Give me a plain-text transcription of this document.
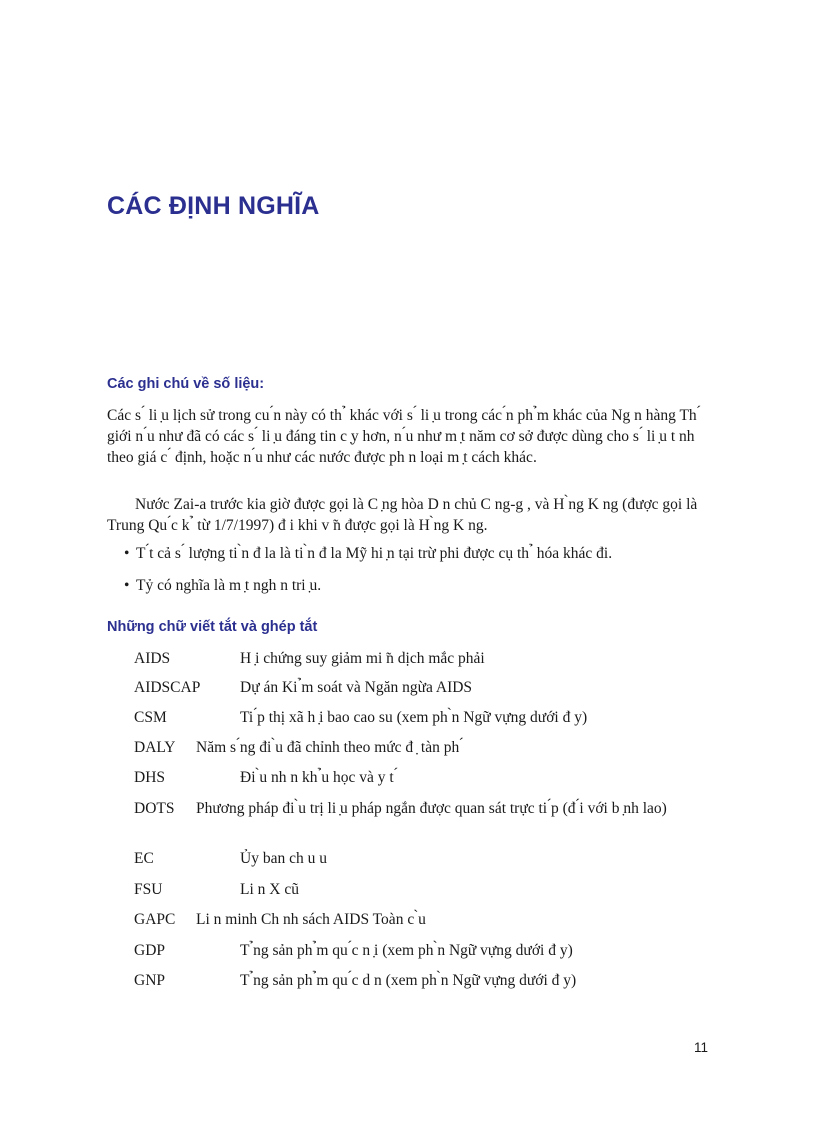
CÁC ĐỊNH NGHĨA
Các ghi chú về số liệu:

Các s ́ li ̣u lịch sử trong cu ́n này có th ̉ khác với s ́ li ̣u trong các ́n ph ̉m khác của Ng n hàng Th ́ giới n ́u như đã có các s ́ li ̣u đáng tin c ̣y hơn, n ́u như m ̣t năm cơ sở được dùng cho s ́ li ̣u t nh theo giá c ́ định, hoặc n ́u như các nước được ph n loại m ̣t cách khác.

Nước Zai-a trước kia giờ được gọi là C ̣ng hòa D n chủ C ng-g , và H ̀ng K ng (được gọi là Trung Qu ́c k ̉ từ 1/7/1997) đ i khi v ̃n được gọi là H ̀ng K ng.

• T ́t cả s ́ lượng ti ̀n đ la là ti ̀n đ la Mỹ hi ̣n tại trừ phi được cụ th ̉ hóa khác đi.
• Tỷ có nghĩa là m ̣t ngh n tri ̣u.
Những chữ viết tắt và ghép tắt
AIDS	H ̣i chứng suy giảm mi ̃n dịch mắc phải
AIDSCAP	Dự án Ki ̉m soát và Ngăn ngừa AIDS
CSM	Ti ́p thị xã h ̣i bao cao su (xem ph ̀n Ngữ vựng dưới đ y)
DALY Năm s ́ng đi ̀u đã chỉnh theo mức đ ̣ tàn ph ́
DHS	Đi ̀u nh n kh ̉u học và y t ́
DOTS Phương pháp đi ̀u trị li ̣u pháp ngắn được quan sát trực ti ́p (đ ́i với b ̣nh lao)
EC	Ủy ban ch u u
FSU	Li n X cũ
GAPC Li n minh Ch nh sách AIDS Toàn c ̀u
GDP	T ̉ng sản ph ̉m qu ́c n ̣i (xem ph ̀n Ngữ vựng dưới đ y)
GNP	T ̉ng sản ph ̉m qu ́c d n (xem ph ̀n Ngữ vựng dưới đ y)
11
